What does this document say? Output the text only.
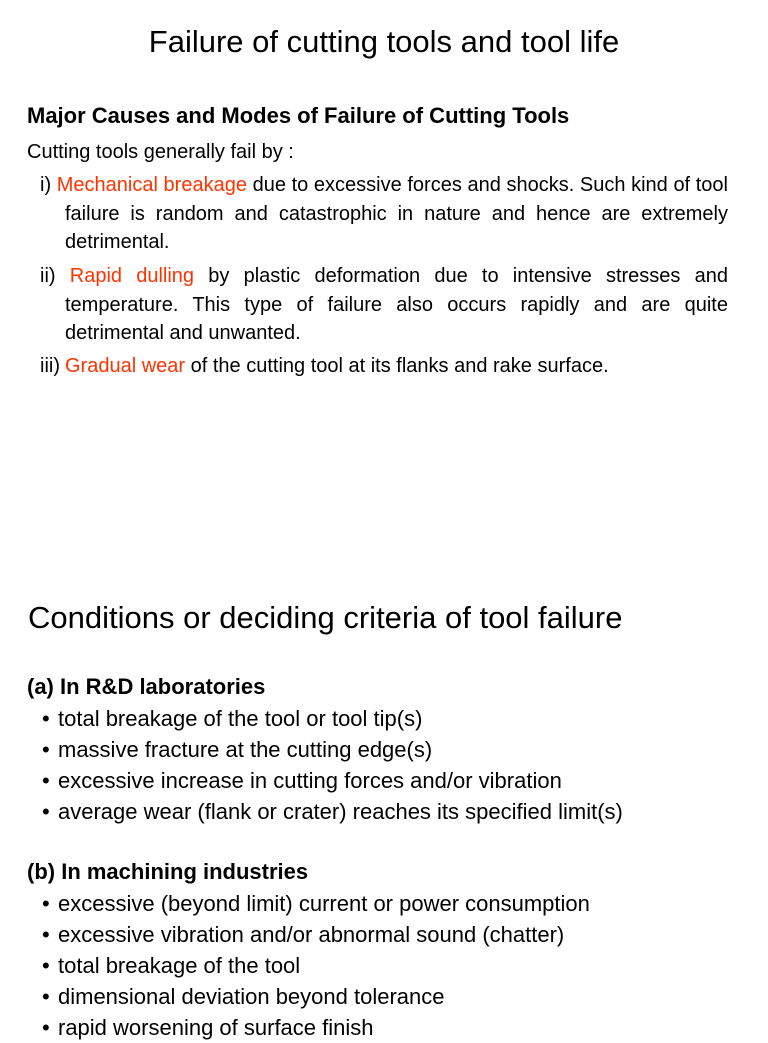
Failure of cutting tools and tool life
Major Causes and Modes of Failure of Cutting Tools
Cutting tools generally fail by :

i) Mechanical breakage due to excessive forces and shocks. Such kind of tool failure is random and catastrophic in nature and hence are extremely detrimental.

ii) Rapid dulling by plastic deformation due to intensive stresses and temperature. This type of failure also occurs rapidly and are quite detrimental and unwanted.

iii) Gradual wear of the cutting tool at its flanks and rake surface.

Conditions or deciding criteria of tool failure
(a) In R&D laboratories
• total breakage of the tool or tool tip(s)
• massive fracture at the cutting edge(s)
• excessive increase in cutting forces and/or vibration
• average wear (flank or crater) reaches its specified limit(s)
(b) In machining industries
• excessive (beyond limit) current or power consumption
• excessive vibration and/or abnormal sound (chatter)
• total breakage of the tool
• dimensional deviation beyond tolerance
• rapid worsening of surface finish
